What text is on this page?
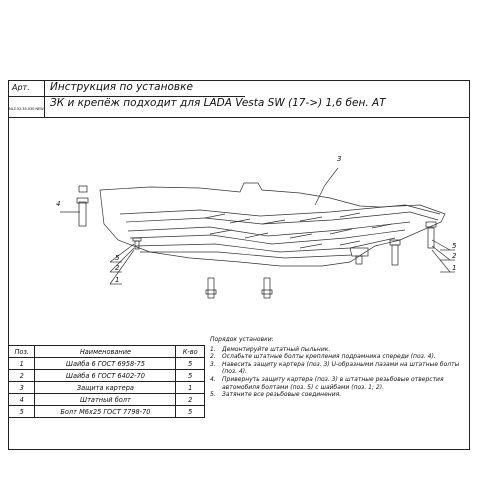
Арт.
NLZ.52.35.030 NEW
Инструкция по установке
ЗК и крепёж подходит для LADA Vesta SW (17->) 1,6 бен. АТ
3
4
5
2
1
5
2
1
Поз.	Наименование	К-во
1	Шайба 6 ГОСТ 6958-75	5
2	Шайба 6 ГОСТ 6402-70	5
3	Защита картера	1
4	Штатный болт	2
5	Болт М6х25 ГОСТ 7798-70	5
Порядок установки:
1.	Демонтируйте штатный пыльник.
2.	Ослабьте штатные болты крепления подрамника спереди (поз. 4).
3.	Навесить защиту картера (поз. 3) U-образными пазами на штатные болты (поз. 4).
4.	Привернуть защиту картера (поз. 3) в штатные резьбовые отверстия автомобиля болтами (поз. 5) с шайбами (поз. 1; 2).
5.	Затяните все резьбовые соединения.
